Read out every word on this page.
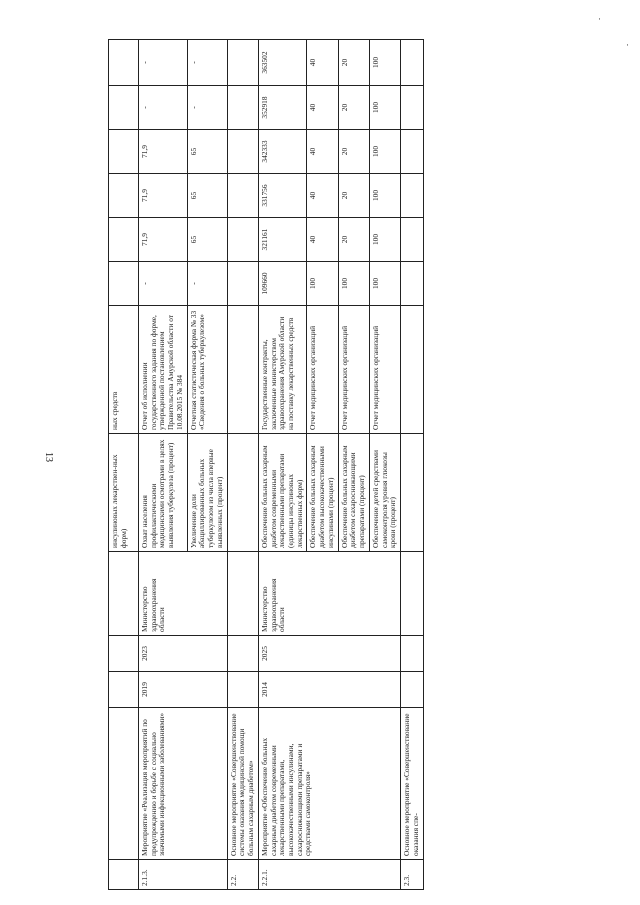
13
·
·
					инсулиновых лекарствен-ных форм)	ных средств						
2.1.3.	Мероприятие «Реализация мероприятий по предупреждению и борьбе с социально значимыми инфекционными заболеваниями»	2019	2023	Министерство здравоохранения области	Охват населения профилактическими медицинскими осмотрами в целях выявления туберкулеза (процент)	Отчет об исполнении государственного задания по форме, утвержденной постановлением Правительства Амурской области от 10.08.2015 № 384	-	71,9	71,9	71,9	-	-
					Увеличение доли абациллированных больных туберкулезом из числа впервые выявленных (процент)	Отчетная статистическая форма № 33 «Сведения о больных туберкулезом»	-	65	65	65	-	-
2.2.	Основное мероприятие «Совершенствование системы оказания медицинской помощи больным сахарным диабетом»											
2.2.1.	Мероприятие «Обеспечение больных сахарным диабетом современными лекарственными препаратами, высококачественными инсулинами, сахароснижающими препаратами и средствами самоконтроля»	2014	2025	Министерство здравоохранения области	Обеспечение больных сахарным диабетом современными лекарственными препаратами (единицы инсулиновых лекарственных форм)	Государственные контракты, заключенные министерством здравоохранения Амурской области на поставку лекарственных средств	109660	321161	331756	342333	352918	363502
					Обеспечение больных сахарным диабетом высококачественными инсулинами (процент)	Отчет медицинских организаций	100	40	40	40	40	40
					Обеспечение больных сахарным диабетом сахароснижающими препаратами (процент)	Отчет медицинских организаций	100	20	20	20	20	20
					Обеспечение детей средствами самоконтроля уровня глюкозы крови (процент)	Отчет медицинских организаций	100	100	100	100	100	100
2.3.	Основное мероприятие «Совершенствование оказания спе-											
